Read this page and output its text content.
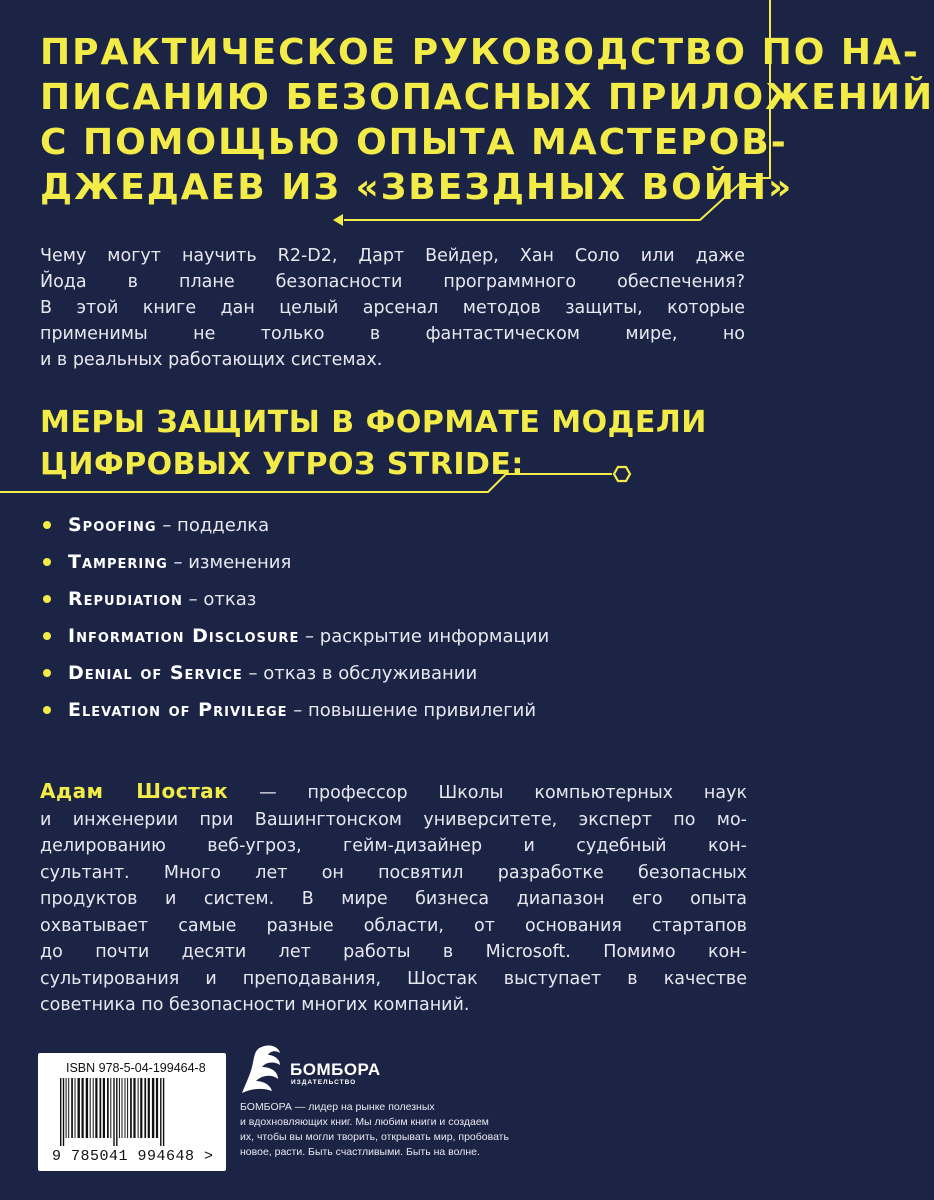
ПРАКТИЧЕСКОЕ РУКОВОДСТВО ПО НА-
ПИСАНИЮ БЕЗОПАСНЫХ ПРИЛОЖЕНИЙ
С ПОМОЩЬЮ ОПЫТА МАСТЕРОВ-
ДЖЕДАЕВ ИЗ «ЗВЕЗДНЫХ ВОЙН»

Чему могут научить R2-D2, Дарт Вейдер, Хан Соло или даже
Йода в плане безопасности программного обеспечения?
В этой книге дан целый арсенал методов защиты, которые
применимы не только в фантастическом мире, но
и в реальных работающих системах.

МЕРЫ ЗАЩИТЫ В ФОРМАТЕ МОДЕЛИ
ЦИФРОВЫХ УГРОЗ STRIDE:
Spoofing – подделка
Tampering – изменения
Repudiation – отказ
Information Disclosure – раскрытие информации
Denial of Service – отказ в обслуживании
Elevation of Privilege – повышение привилегий

Адам Шостак — профессор Школы компьютерных наук
и инженерии при Вашингтонском университете, эксперт по мо-
делированию веб-угроз, гейм-дизайнер и судебный кон-
сультант. Много лет он посвятил разработке безопасных
продуктов и систем. В мире бизнеса диапазон его опыта
охватывает самые разные области, от основания стартапов
до почти десяти лет работы в Microsoft. Помимо кон-
сультирования и преподавания, Шостак выступает в качестве
советника по безопасности многих компаний.

ISBN 978-5-04-199464-8
9 785041 994648 >
БОМБОРА
ИЗДАТЕЛЬСТВО

БОМБОРА — лидер на рынке полезных
и вдохновляющих книг. Мы любим книги и создаем
их, чтобы вы могли творить, открывать мир, пробовать
новое, расти. Быть счастливыми. Быть на волне.
